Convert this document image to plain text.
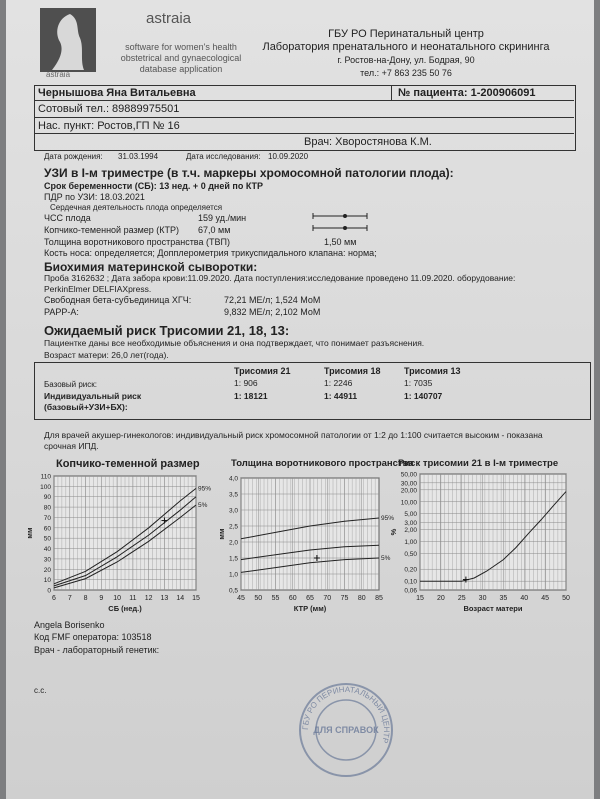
astraia
astraia
software for women's health
obstetrical and gynaecological
database application
ГБУ РО Перинатальный центр
Лаборатория пренатального и неонатального скрининга
г. Ростов-на-Дону, ул. Бодрая, 90
тел.: +7 863 235 50 76
Чернышова Яна Витальевна	№ пациента: 1-200906091
Сотовый тел.: 89889975501
Нас. пункт: Ростов,ГП № 16
Врач: Хворостянова К.М.
Дата рождения: 31.03.1994	Дата исследования: 10.09.2020
УЗИ в I-м триместре (в т.ч. маркеры хромосомной патологии плода):
Срок беременности (СБ): 13 нед. + 0 дней по КТР
ПДР по УЗИ: 18.03.2021
Сердечная деятельность плода определяется
ЧСС плода	159 уд./мин
Копчико-теменной размер (КТР) 67,0 мм
Толщина воротникового пространства (ТВП)	1,50 мм
Кость носа: определяется; Допплерометрия трикуспидального клапана: норма;
Биохимия материнской сыворотки:
Проба 3162632 ; Дата забора крови:11.09.2020. Дата поступления:исследование проведено 11.09.2020. оборудование:
PerkinElmer DELFIAXpress.
Свободная бета-субъединица ХГЧ:	72,21 МЕ/л; 1,524 МоМ
PAPP-A:	9,832 МЕ/л; 2,102 МоМ
Ожидаемый риск Трисомии 21, 18, 13:
Пациентке даны все необходимые объяснения и она подтверждает, что понимает разъяснения.
Возраст матери: 26,0 лет(года).
Трисомия 21	Трисомия 18	Трисомия 13
Базовый риск:	1: 906	1: 2246	1: 7035
Индивидуальный риск
(базовый+УЗИ+БХ):
1: 18121	1: 44911	1: 140707
Для врачей акушер-гинекологов: индивидуальный риск хромосомной патологии от 1:2 до 1:100 считается высоким - показана
срочная ИПД.
Копчико-теменной размер	Толщина воротникового пространства
Риск трисомии 21 в I-м триместре
0
10
20
30
40
50
60
70
80
90
100
110
6 7 8 9 10 11 12 13 14 15
95%
5%
СБ (нед.)
мм
0,5
1,0
1,5
2,0
2,5
3,0
3,5
4,0
45 50 55 60 65 70 75 80 85
95%
5%
КТР (мм)
мм
0,06
0,10
0,20
0,50
1,00
2,00
3,00
5,00
10,00
20,00
30,00
50,00
15 20 25 30 35 40 45 50
Возраст матери
%
Angela Borisenko
Код FMF оператора: 103518
Врач - лабораторный генетик:
с.с.
ГБУ РО ПЕРИНАТАЛЬНЫЙ ЦЕНТР
ДЛЯ СПРАВОК
